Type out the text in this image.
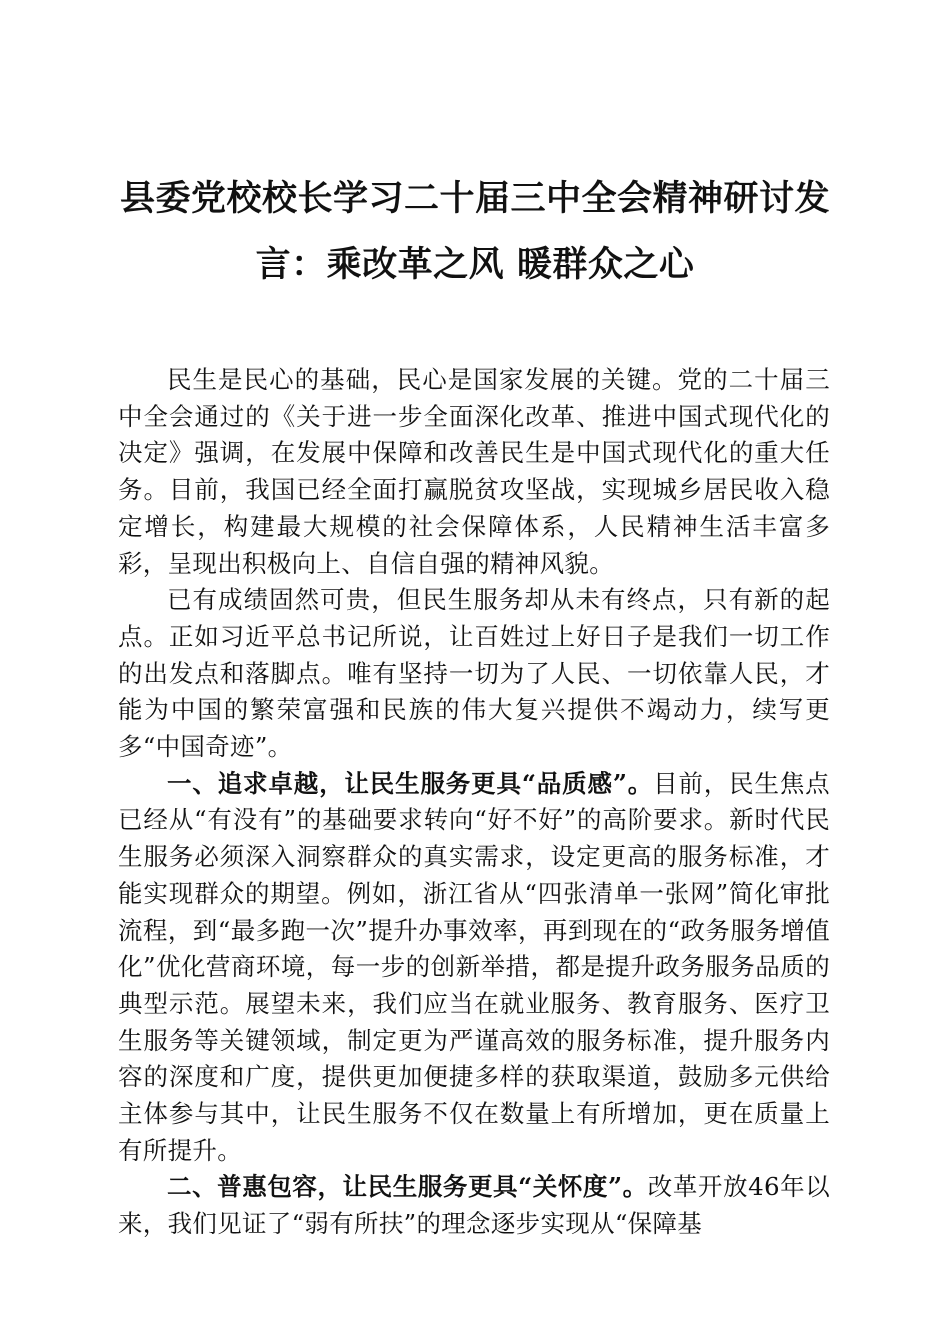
县委党校校长学习二十届三中全会精神研讨发
言：乘改革之风 暖群众之心

民生是民心的基础，民心是国家发展的关键。党的二十届三中全会通过的《关于进一步全面深化改革、推进中国式现代化的决定》强调，在发展中保障和改善民生是中国式现代化的重大任务。目前，我国已经全面打赢脱贫攻坚战，实现城乡居民收入稳定增长，构建最大规模的社会保障体系，人民精神生活丰富多彩，呈现出积极向上、自信自强的精神风貌。

已有成绩固然可贵，但民生服务却从未有终点，只有新的起点。正如习近平总书记所说，让百姓过上好日子是我们一切工作的出发点和落脚点。唯有坚持一切为了人民、一切依靠人民，才能为中国的繁荣富强和民族的伟大复兴提供不竭动力，续写更多“中国奇迹”。

一、追求卓越，让民生服务更具“品质感”。目前，民生焦点已经从“有没有”的基础要求转向“好不好”的高阶要求。新时代民生服务必须深入洞察群众的真实需求，设定更高的服务标准，才能实现群众的期望。例如，浙江省从“四张清单一张网”简化审批流程，到“最多跑一次”提升办事效率，再到现在的“政务服务增值化”优化营商环境，每一步的创新举措，都是提升政务服务品质的典型示范。展望未来，我们应当在就业服务、教育服务、医疗卫生服务等关键领域，制定更为严谨高效的服务标准，提升服务内容的深度和广度，提供更加便捷多样的获取渠道，鼓励多元供给主体参与其中，让民生服务不仅在数量上有所增加，更在质量上有所提升。

二、普惠包容，让民生服务更具“关怀度”。改革开放46年以来，我们见证了“弱有所扶”的理念逐步实现从“保障基
